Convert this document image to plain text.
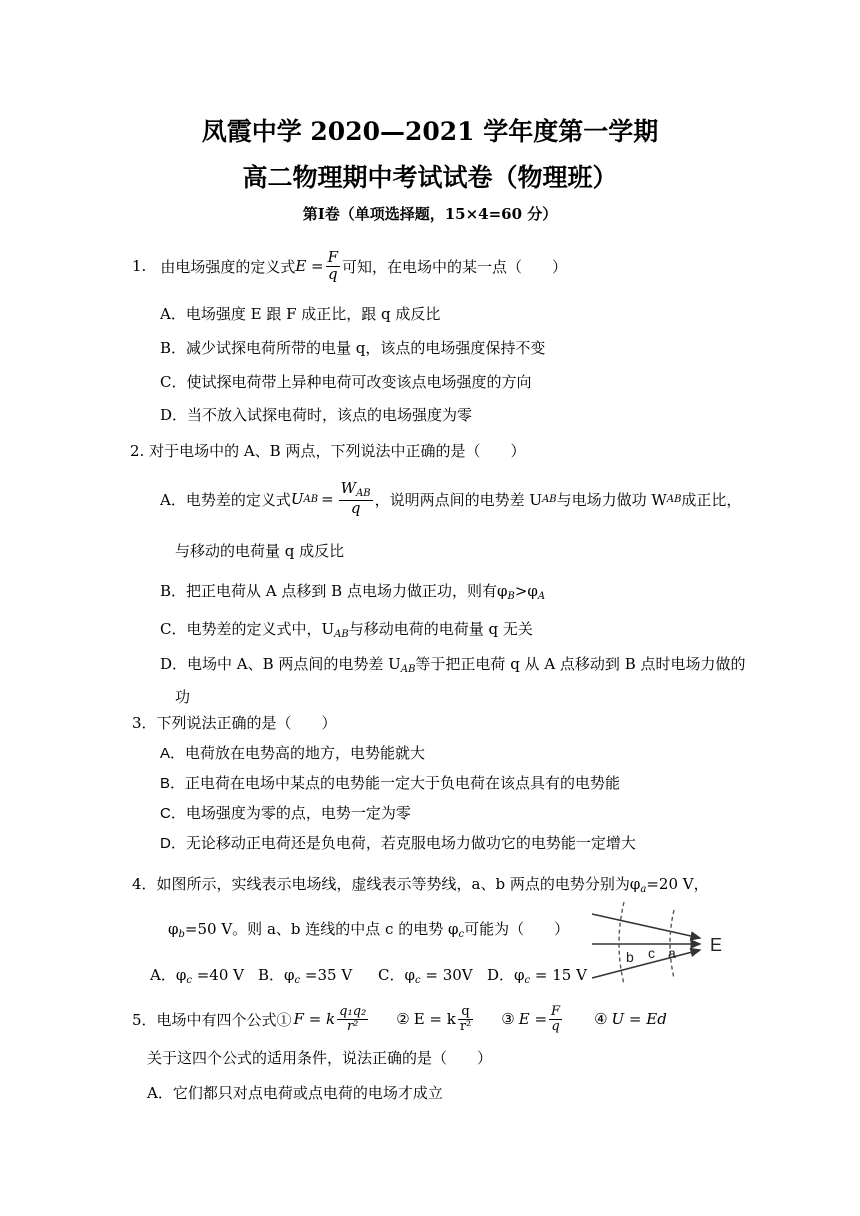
凤霞中学 2020—2021 学年度第一学期
高二物理期中考试试卷（物理班）
第Ⅰ卷（单项选择题，15×4=60 分）
1. 由电场强度的定义式 $E = \frac{F}{q}$ 可知，在电场中的某一点（　　）
A．电场强度 E 跟 F 成正比，跟 q 成反比
B．减少试探电荷所带的电量 q，该点的电场强度保持不变
C．使试探电荷带上异种电荷可改变该点电场强度的方向
D．当不放入试探电荷时，该点的电场强度为零
2. 对于电场中的 A、B 两点，下列说法中正确的是（　　）
A．电势差的定义式 U AB = $\frac{W_{AB}}{q}$ ，说明两点间的电势差 U AB 与电场力做功 W AB 成正比，
与移动的电荷量 q 成反比
B．把正电荷从 A 点移到 B 点电场力做正功，则有$\varphi_B>\varphi_A$
C．电势差的定义式中，$U_{AB}$与移动电荷的电荷量 q 无关
D．电场中 A、B 两点间的电势差 $U_{AB}$等于把正电荷 q 从 A 点移动到 B 点时电场力做的
功
3．下列说法正确的是（　　）
A．电荷放在电势高的地方，电势能就大
B．正电荷在电场中某点的电势能一定大于负电荷在该点具有的电势能
C．电场强度为零的点，电势一定为零
D．无论移动正电荷还是负电荷，若克服电场力做功它的电势能一定增大
4．如图所示，实线表示电场线，虚线表示等势线，a、b 两点的电势分别为$\varphi_a=20$ V，
$\varphi_b=50$ V。则 a、b 连线的中点 c 的电势 $\varphi_c$可能为（　　）
A．$\varphi_c =40$ V B．$\varphi_c =35$ V C．$\varphi_c = 30V$ D．$\varphi_c = 15$ V
b c a E
5．电场中有四个公式① F = k $\frac{\text{q₁q₂}}{\text{r²}}$ ② E = k $\frac{q}{\text{r²}}$ ③ $E = \frac{F}{q}$ ④ U = Ed
关于这四个公式的适用条件，说法正确的是（　　）
A．它们都只对点电荷或点电荷的电场才成立
